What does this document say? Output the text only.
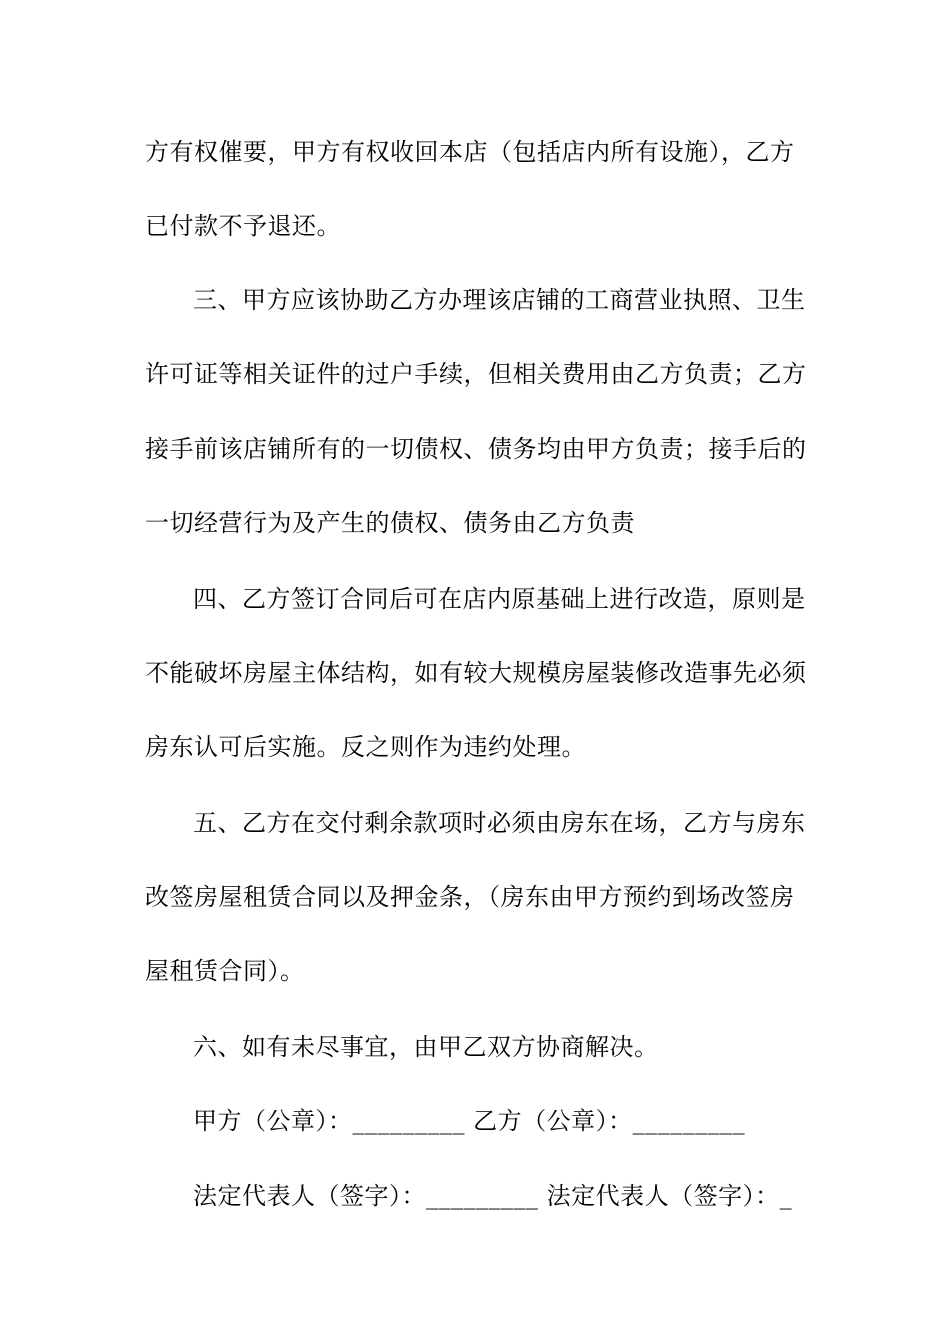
方有权催要，甲方有权收回本店（包括店内所有设施），乙方
已付款不予退还。
三、甲方应该协助乙方办理该店铺的工商营业执照、卫生
许可证等相关证件的过户手续，但相关费用由乙方负责；乙方
接手前该店铺所有的一切债权、债务均由甲方负责；接手后的
一切经营行为及产生的债权、债务由乙方负责
四、乙方签订合同后可在店内原基础上进行改造，原则是
不能破坏房屋主体结构，如有较大规模房屋装修改造事先必须
房东认可后实施。反之则作为违约处理。
五、乙方在交付剩余款项时必须由房东在场，乙方与房东
改签房屋租赁合同以及押金条，（房东由甲方预约到场改签房
屋租赁合同）。
六、如有未尽事宜，由甲乙双方协商解决。
甲方（公章）：_________ 乙方（公章）：_________
法定代表人（签字）：_________ 法定代表人（签字）：_
